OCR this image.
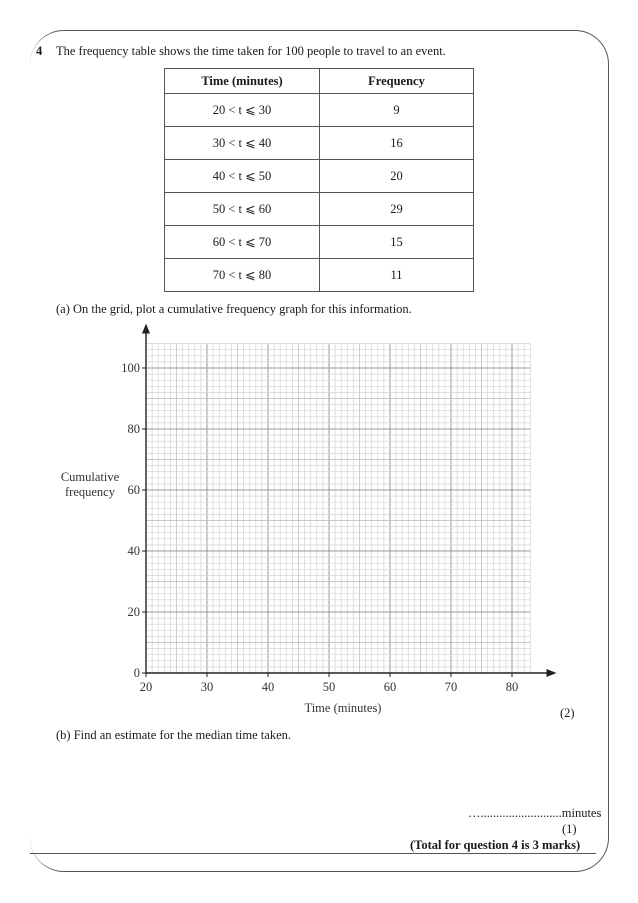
4 The frequency table shows the time taken for 100 people to travel to an event.
Time (minutes)	Frequency
20 < t ⩽ 30	9
30 < t ⩽ 40	16
40 < t ⩽ 50	20
50 < t ⩽ 60	29
60 < t ⩽ 70	15
70 < t ⩽ 80	11
(a) On the grid, plot a cumulative frequency graph for this information.
20	30	40	50	60	70	80
0
20
40
60
80
100
Time (minutes)
Cumulative
frequency
(2)
(b) Find an estimate for the median time taken.
…..........................minutes
(1)
(Total for question 4 is 3 marks)
